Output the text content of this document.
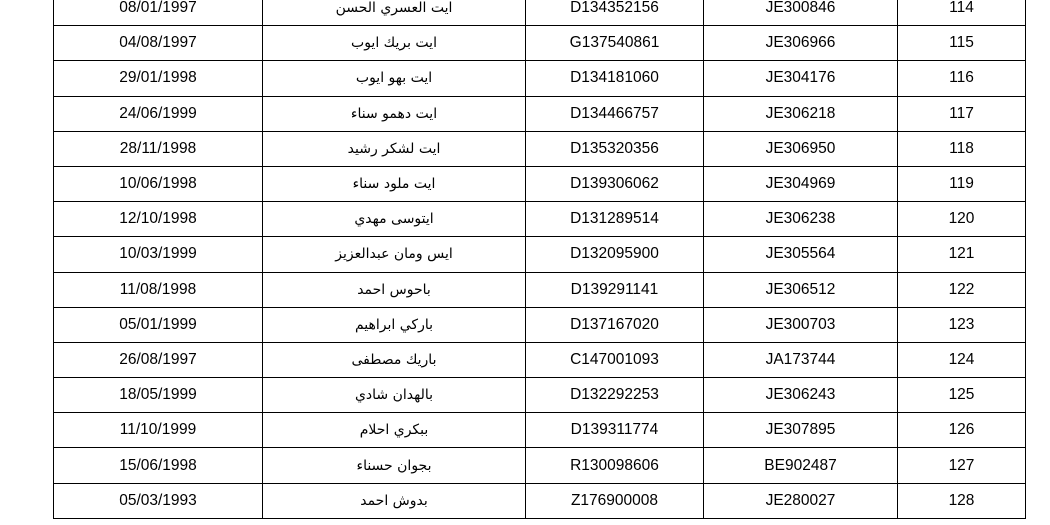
08/01/1997	ايت العسري الحسن	D134352156	JE300846	114
04/08/1997	ايت بريك ايوب	G137540861	JE306966	115
29/01/1998	ايت بهو ايوب	D134181060	JE304176	116
24/06/1999	ايت دهمو سناء	D134466757	JE306218	117
28/11/1998	ايت لشكر رشيد	D135320356	JE306950	118
10/06/1998	ايت ملود سناء	D139306062	JE304969	119
12/10/1998	ايتوسى مهدي	D131289514	JE306238	120
10/03/1999	ايس ومان عبدالعزيز	D132095900	JE305564	121
11/08/1998	باحوس احمد	D139291141	JE306512	122
05/01/1999	باركي ابراهيم	D137167020	JE300703	123
26/08/1997	باريك مصطفى	C147001093	JA173744	124
18/05/1999	بالهدان شادي	D132292253	JE306243	125
11/10/1999	ببكري احلام	D139311774	JE307895	126
15/06/1998	بجوان حسناء	R130098606	BE902487	127
05/03/1993	بدوش احمد	Z176900008	JE280027	128
